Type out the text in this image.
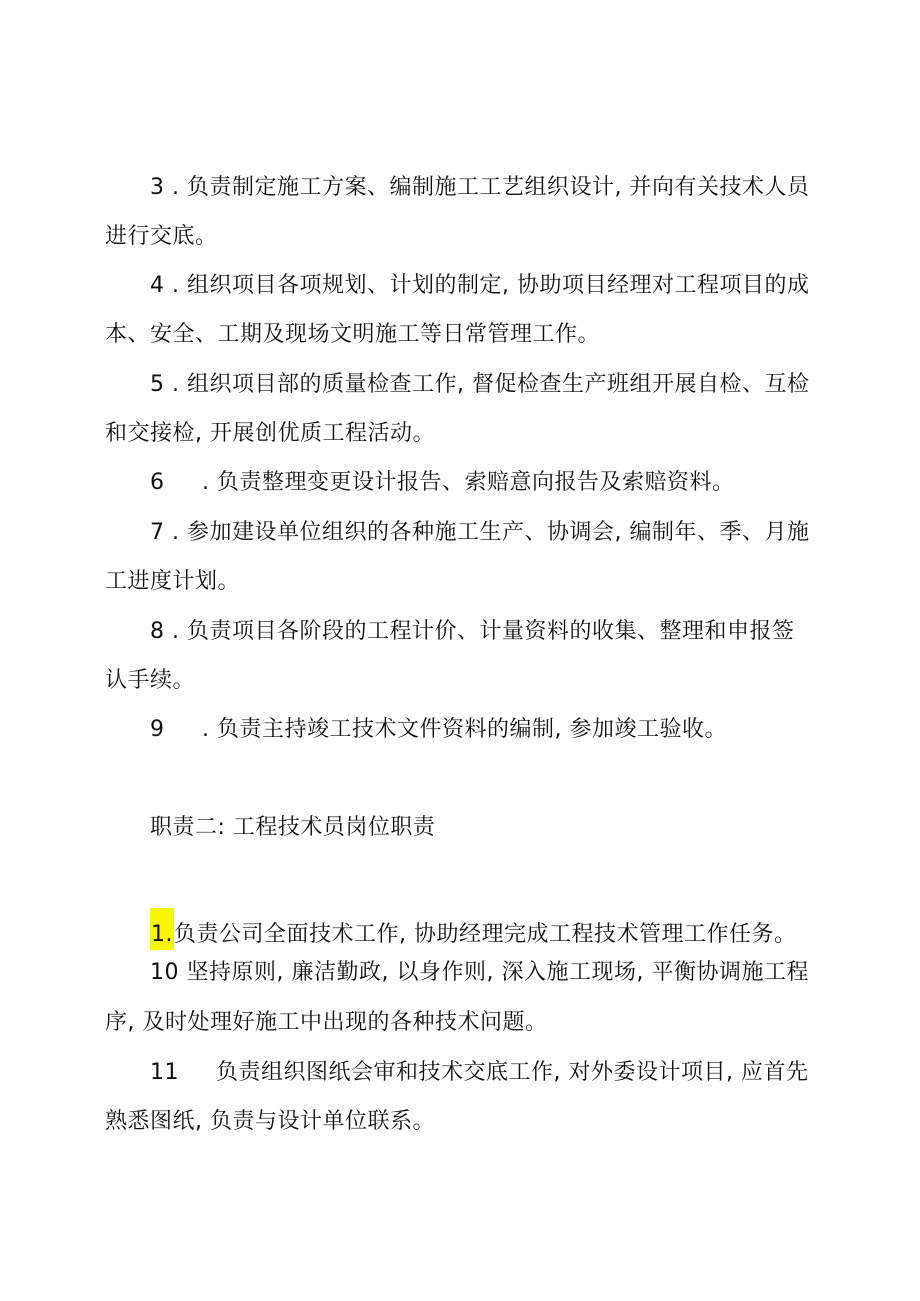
3 . 负责制定施工方案、编制施工工艺组织设计, 并向有关技术人员
进行交底。
4 . 组织项目各项规划、计划的制定, 协助项目经理对工程项目的成
本、安全、工期及现场文明施工等日常管理工作。
5 . 组织项目部的质量检查工作, 督促检查生产班组开展自检、互检
和交接检, 开展创优质工程活动。
6 . 负责整理变更设计报告、索赔意向报告及索赔资料。
7 . 参加建设单位组织的各种施工生产、协调会, 编制年、季、月施
工进度计划。
8 . 负责项目各阶段的工程计价、计量资料的收集、整理和申报签
认手续。
9 . 负责主持竣工技术文件资料的编制, 参加竣工验收。
职责二: 工程技术员岗位职责
1.负责公司全面技术工作, 协助经理完成工程技术管理工作任务。
10 坚持原则, 廉洁勤政, 以身作则, 深入施工现场, 平衡协调施工程
序, 及时处理好施工中出现的各种技术问题。
11 负责组织图纸会审和技术交底工作, 对外委设计项目, 应首先
熟悉图纸, 负责与设计单位联系。
